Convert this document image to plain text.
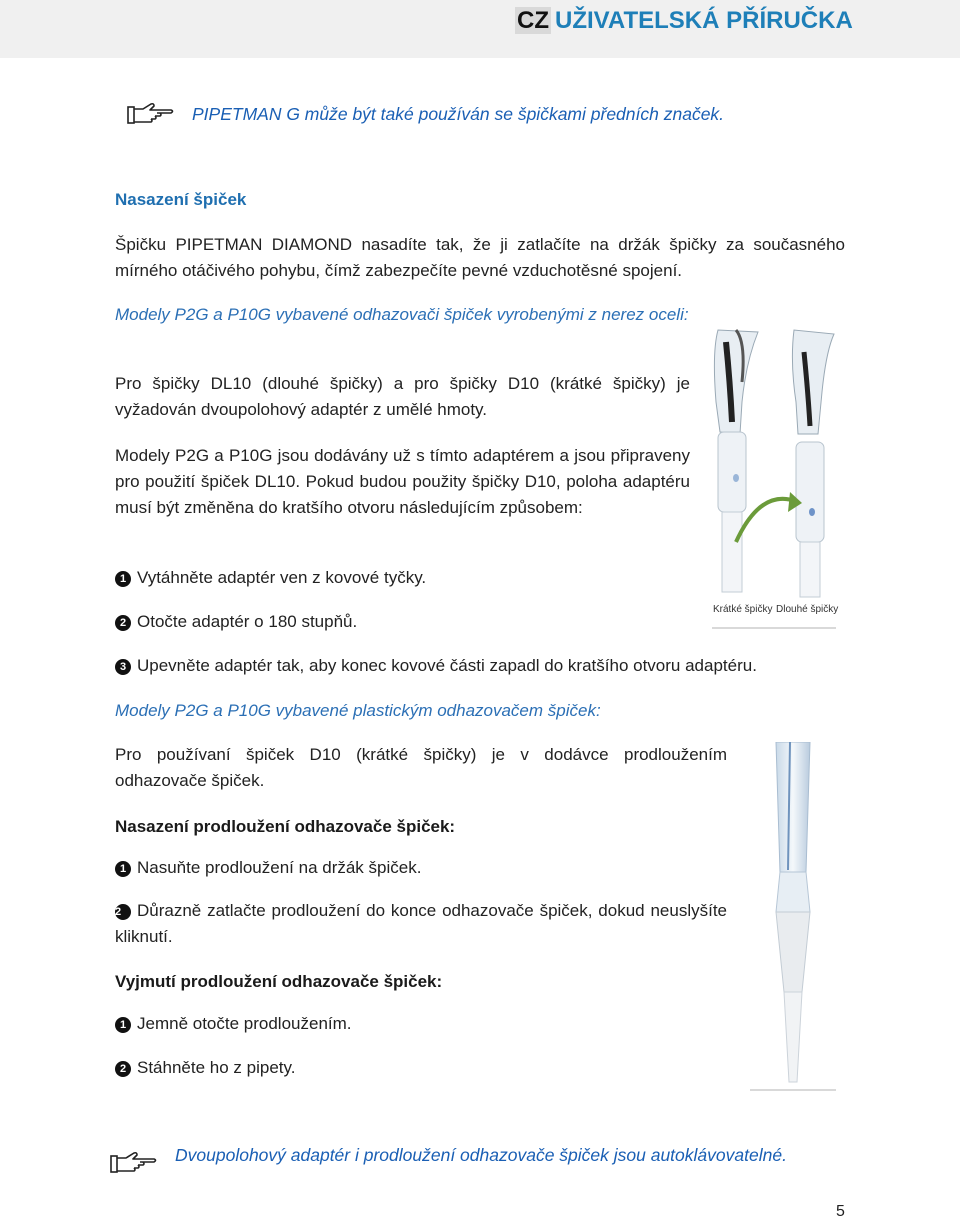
CZ UŽIVATELSKÁ PŘÍRUČKA
PIPETMAN G může být také používán se špičkami předních značek.
Nasazení špiček
Špičku PIPETMAN DIAMOND nasadíte tak, že ji zatlačíte na držák špičky za současného mírného otáčivého pohybu, čímž zabezpečíte pevné vzduchotěsné spojení.
Modely P2G a P10G vybavené odhazovači špiček vyrobenými z nerez oceli:
Pro špičky DL10 (dlouhé špičky) a pro špičky D10 (krátké špičky) je vyžadován dvoupolohový adaptér z umělé hmoty.
Modely P2G a P10G jsou dodávány už s tímto adaptérem a jsou připraveny pro použití špiček DL10. Pokud budou použity špičky D10, poloha adaptéru musí být změněna do kratšího otvoru následujícím způsobem:
1 Vytáhněte adaptér ven z kovové tyčky.
2 Otočte adaptér o 180 stupňů.
3 Upevněte adaptér tak, aby konec kovové části zapadl do kratšího otvoru adaptéru.
Krátké špičky Dlouhé špičky
Modely P2G a P10G vybavené plastickým odhazovačem špiček:
Pro používaní špiček D10 (krátké špičky) je v dodávce prodloužením odhazovače špiček.
Nasazení prodloužení odhazovače špiček:
1 Nasuňte prodloužení na držák špiček.
2 Důrazně zatlačte prodloužení do konce odhazovače špiček, dokud neuslyšíte kliknutí.
Vyjmutí prodloužení odhazovače špiček:
1 Jemně otočte prodloužením.
2 Stáhněte ho z pipety.
Dvoupolohový adaptér i prodloužení odhazovače špiček jsou autoklávovatelné.
5
